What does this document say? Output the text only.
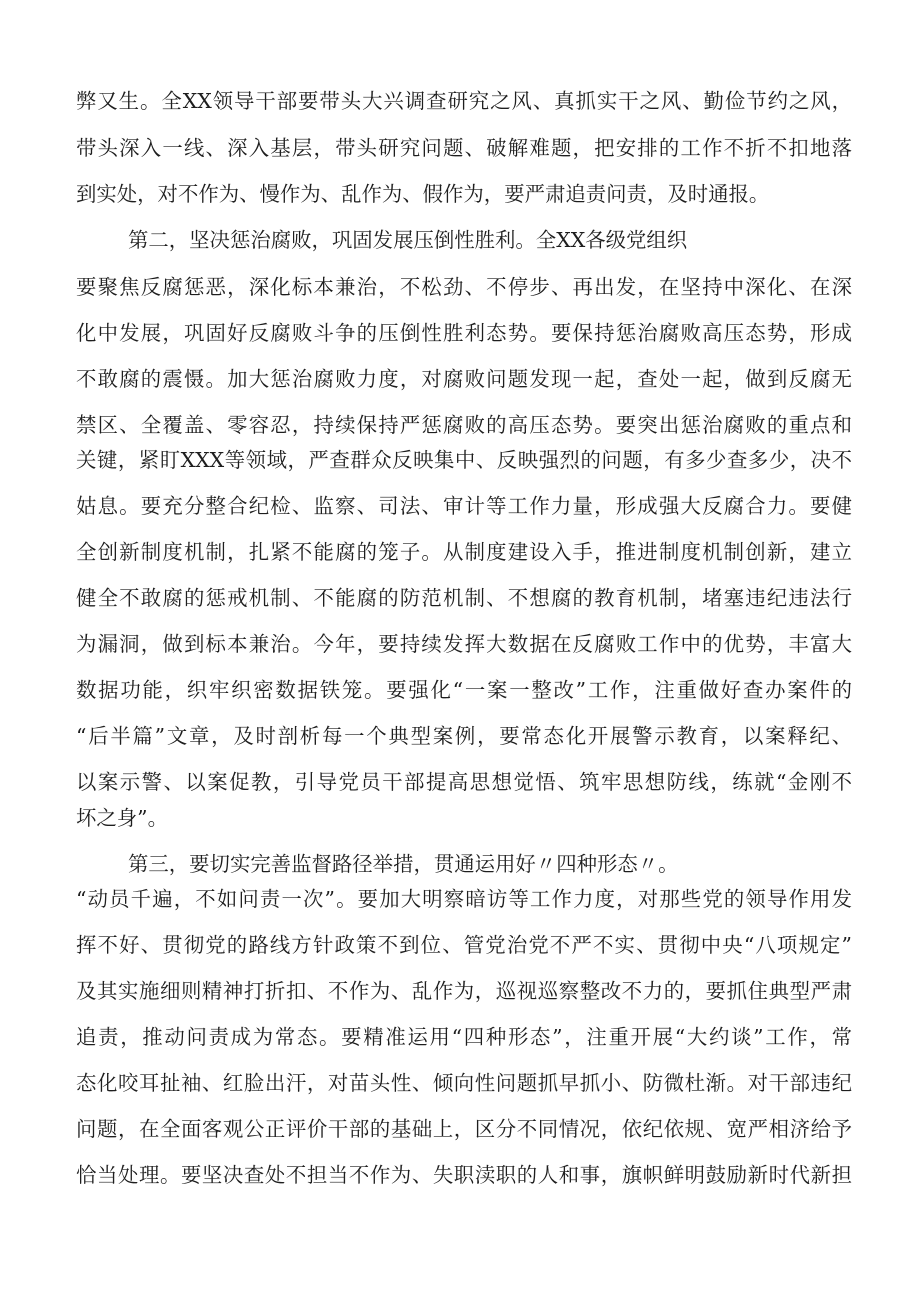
弊又生。全XX领导干部要带头大兴调查研究之风、真抓实干之风、勤俭节约之风，
带头深入一线、深入基层，带头研究问题、破解难题，把安排的工作不折不扣地落
到实处，对不作为、慢作为、乱作为、假作为，要严肃追责问责，及时通报。
第二，坚决惩治腐败，巩固发展压倒性胜利。全XX各级党组织
要聚焦反腐惩恶，深化标本兼治，不松劲、不停步、再出发，在坚持中深化、在深
化中发展，巩固好反腐败斗争的压倒性胜利态势。要保持惩治腐败高压态势，形成
不敢腐的震慑。加大惩治腐败力度，对腐败问题发现一起，查处一起，做到反腐无
禁区、全覆盖、零容忍，持续保持严惩腐败的高压态势。要突出惩治腐败的重点和
关键，紧盯XXX等领域，严查群众反映集中、反映强烈的问题，有多少查多少，决不
姑息。要充分整合纪检、监察、司法、审计等工作力量，形成强大反腐合力。要健
全创新制度机制，扎紧不能腐的笼子。从制度建设入手，推进制度机制创新，建立
健全不敢腐的惩戒机制、不能腐的防范机制、不想腐的教育机制，堵塞违纪违法行
为漏洞，做到标本兼治。今年，要持续发挥大数据在反腐败工作中的优势，丰富大
数据功能，织牢织密数据铁笼。要强化“一案一整改”工作，注重做好查办案件的
“后半篇”文章，及时剖析每一个典型案例，要常态化开展警示教育，以案释纪、
以案示警、以案促教，引导党员干部提高思想觉悟、筑牢思想防线，练就“金刚不
坏之身”。
第三，要切实完善监督路径举措，贯通运用好〃四种形态〃。
“动员千遍，不如问责一次”。要加大明察暗访等工作力度，对那些党的领导作用发
挥不好、贯彻党的路线方针政策不到位、管党治党不严不实、贯彻中央“八项规定”
及其实施细则精神打折扣、不作为、乱作为，巡视巡察整改不力的，要抓住典型严肃
追责，推动问责成为常态。要精准运用“四种形态”，注重开展“大约谈”工作，常
态化咬耳扯袖、红脸出汗，对苗头性、倾向性问题抓早抓小、防微杜渐。对干部违纪
问题，在全面客观公正评价干部的基础上，区分不同情况，依纪依规、宽严相济给予
恰当处理。要坚决查处不担当不作为、失职渎职的人和事，旗帜鲜明鼓励新时代新担
